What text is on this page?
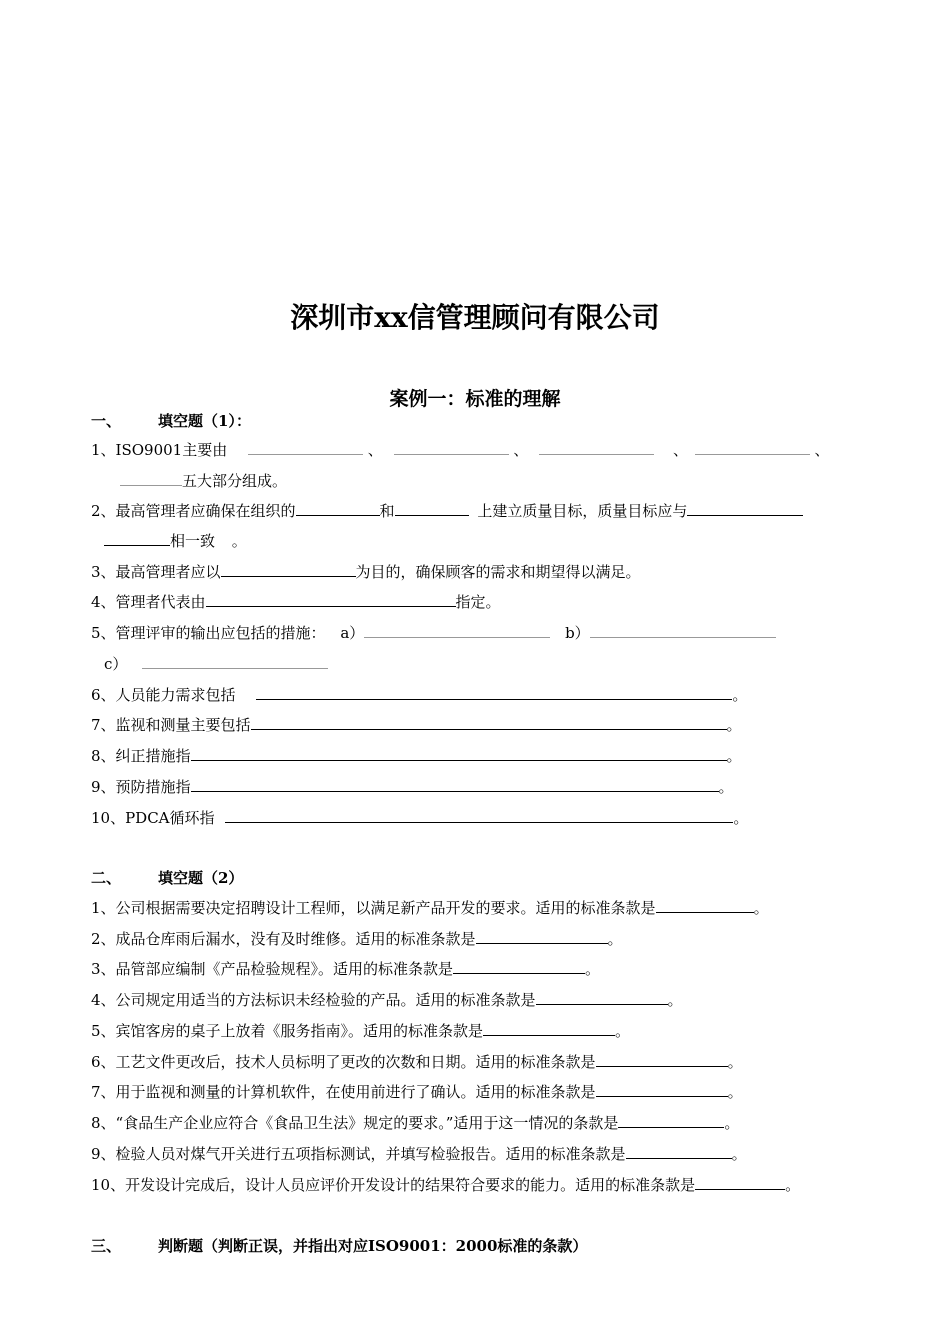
深圳市xx信管理顾问有限公司
案例一：标准的理解
一、 填空题（1）：
1、ISO9001主要由	、	、	、	、
五大部分组成。
2、最高管理者应确保在组织的	和	上建立质量目标，质量目标应与
相一致 。
3、最高管理者应以	为目的，确保顾客的需求和期望得以满足。
4、管理者代表由	指定。
5、管理评审的输出应包括的措施： a）	b）
c）
6、人员能力需求包括	。
7、监视和测量主要包括	。
8、纠正措施指	。
9、预防措施指	。
10、PDCA循环指	。
二、 填空题（2）
1、公司根据需要决定招聘设计工程师，以满足新产品开发的要求。适用的标准条款是	。
2、成品仓库雨后漏水，没有及时维修。适用的标准条款是	。
3、品管部应编制《产品检验规程》。适用的标准条款是	。
4、公司规定用适当的方法标识未经检验的产品。适用的标准条款是	。
5、宾馆客房的桌子上放着《服务指南》。适用的标准条款是	。
6、工艺文件更改后，技术人员标明了更改的次数和日期。适用的标准条款是	。
7、用于监视和测量的计算机软件，在使用前进行了确认。适用的标准条款是	。
8、“食品生产企业应符合《食品卫生法》规定的要求。”适用于这一情况的条款是	。
9、检验人员对煤气开关进行五项指标测试，并填写检验报告。适用的标准条款是	。
10、开发设计完成后，设计人员应评价开发设计的结果符合要求的能力。适用的标准条款是	。
三、 判断题（判断正误，并指出对应ISO9001：2000标准的条款）
